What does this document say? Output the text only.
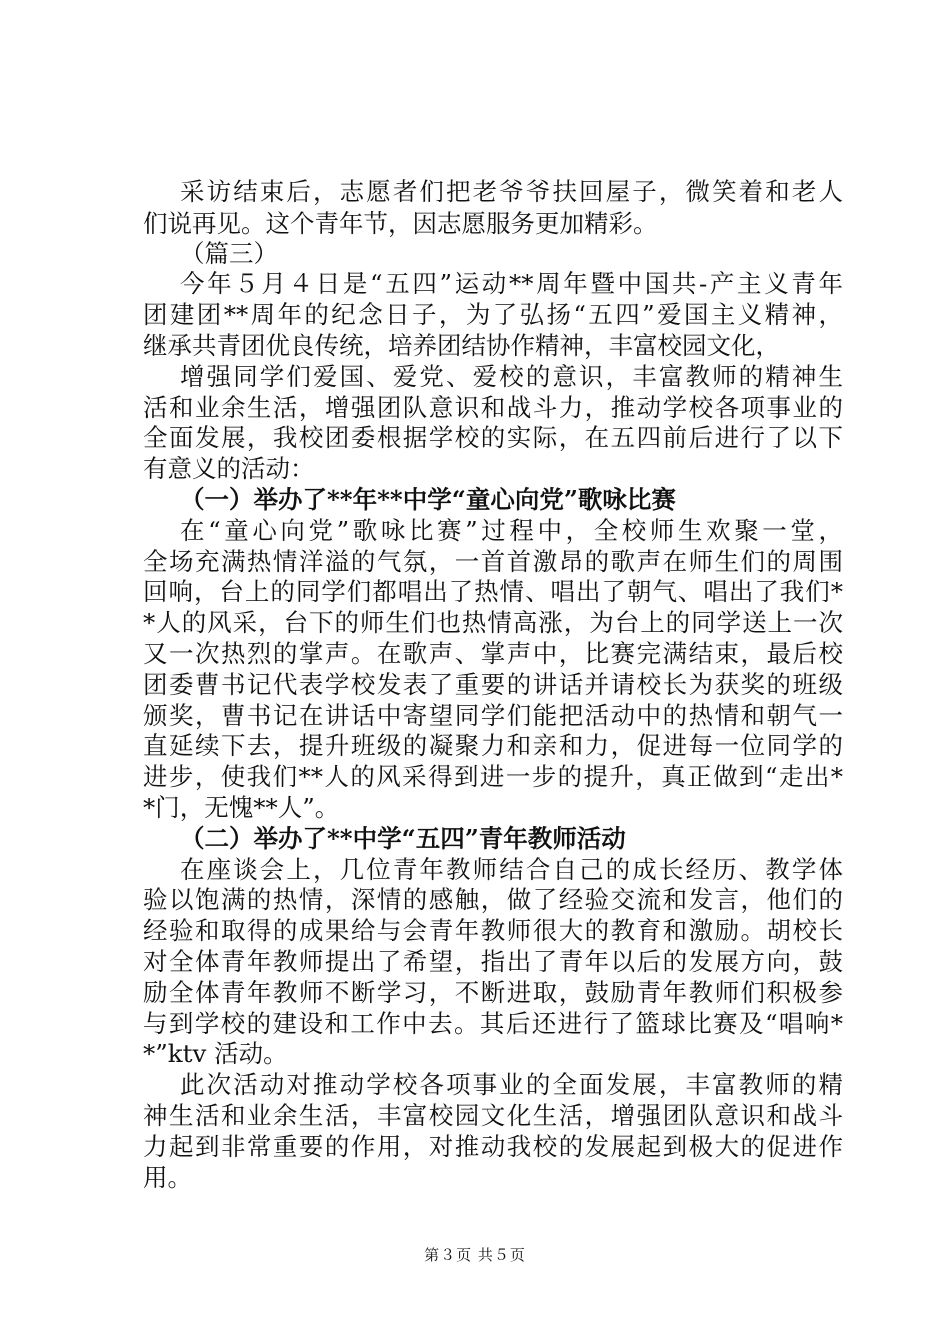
采访结束后，志愿者们把老爷爷扶回屋子，微笑着和老人
们说再见。这个青年节，因志愿服务更加精彩。
（篇三）
今年５月４日是“五四”运动**周年暨中国共-产主义青年
团建团**周年的纪念日子，为了弘扬“五四”爱国主义精神，
继承共青团优良传统，培养团结协作精神，丰富校园文化，
增强同学们爱国、爱党、爱校的意识，丰富教师的精神生
活和业余生活，增强团队意识和战斗力，推动学校各项事业的
全面发展，我校团委根据学校的实际，在五四前后进行了以下
有意义的活动：
（一）举办了**年**中学“童心向党”歌咏比赛
在“童心向党”歌咏比赛”过程中，全校师生欢聚一堂，
全场充满热情洋溢的气氛，一首首激昂的歌声在师生们的周围
回响，台上的同学们都唱出了热情、唱出了朝气、唱出了我们*
*人的风采，台下的师生们也热情高涨，为台上的同学送上一次
又一次热烈的掌声。在歌声、掌声中，比赛完满结束，最后校
团委曹书记代表学校发表了重要的讲话并请校长为获奖的班级
颁奖，曹书记在讲话中寄望同学们能把活动中的热情和朝气一
直延续下去，提升班级的凝聚力和亲和力，促进每一位同学的
进步，使我们**人的风采得到进一步的提升，真正做到“走出*
*门，无愧**人”。
（二）举办了**中学“五四”青年教师活动
在座谈会上，几位青年教师结合自己的成长经历、教学体
验以饱满的热情，深情的感触，做了经验交流和发言，他们的
经验和取得的成果给与会青年教师很大的教育和激励。胡校长
对全体青年教师提出了希望，指出了青年以后的发展方向，鼓
励全体青年教师不断学习，不断进取，鼓励青年教师们积极参
与到学校的建设和工作中去。其后还进行了篮球比赛及“唱响*
*”ktv 活动。
此次活动对推动学校各项事业的全面发展，丰富教师的精
神生活和业余生活，丰富校园文化生活，增强团队意识和战斗
力起到非常重要的作用，对推动我校的发展起到极大的促进作
用。
第３页 共５页
